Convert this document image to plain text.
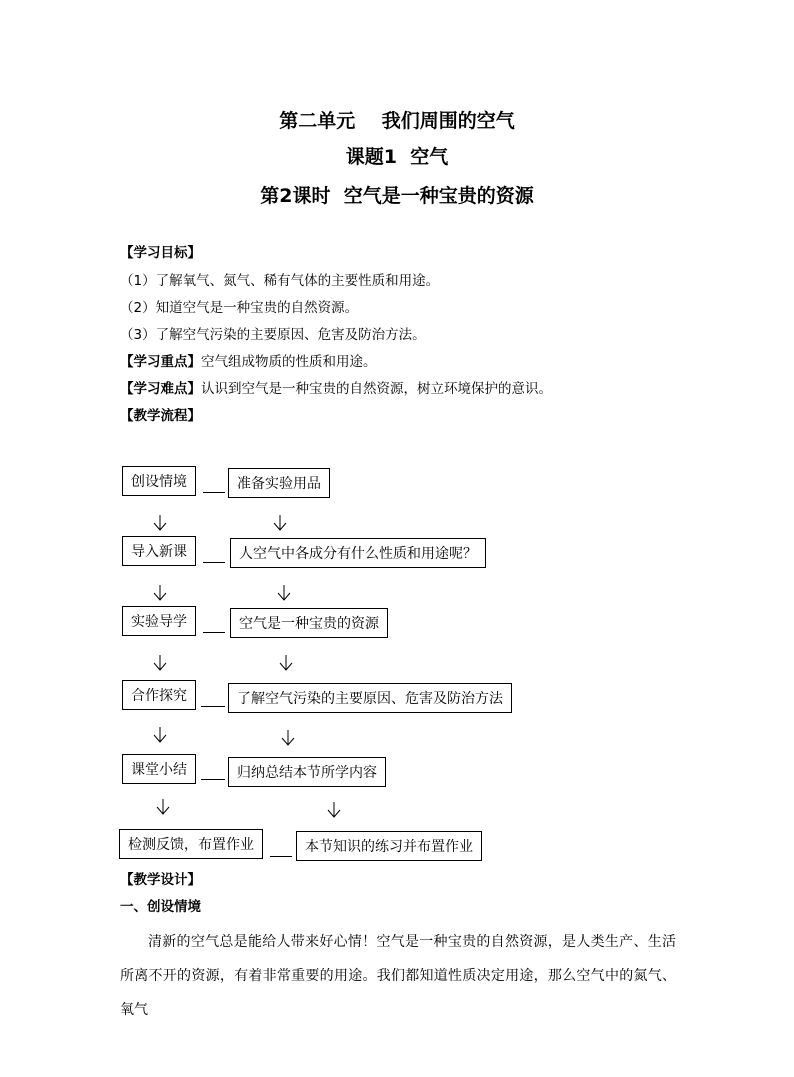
第二单元    我们周围的空气
课题1  空气
第2课时  空气是一种宝贵的资源
【学习目标】
（1）了解氧气、氮气、稀有气体的主要性质和用途。
（2）知道空气是一种宝贵的自然资源。
（3）了解空气污染的主要原因、危害及防治方法。
【学习重点】空气组成物质的性质和用途。
【学习难点】认识到空气是一种宝贵的自然资源，树立环境保护的意识。
【教学流程】
创设情境	准备实验用品
导入新课	人空气中各成分有什么性质和用途呢？
实验导学	空气是一种宝贵的资源
合作探究	了解空气污染的主要原因、危害及防治方法
课堂小结	归纳总结本节所学内容
检测反馈，布置作业	本节知识的练习并布置作业
【教学设计】
一、创设情境
清新的空气总是能给人带来好心情！空气是一种宝贵的自然资源，是人类生产、生活所离不开的资源，有着非常重要的用途。我们都知道性质决定用途，那么空气中的氮气、氧气
